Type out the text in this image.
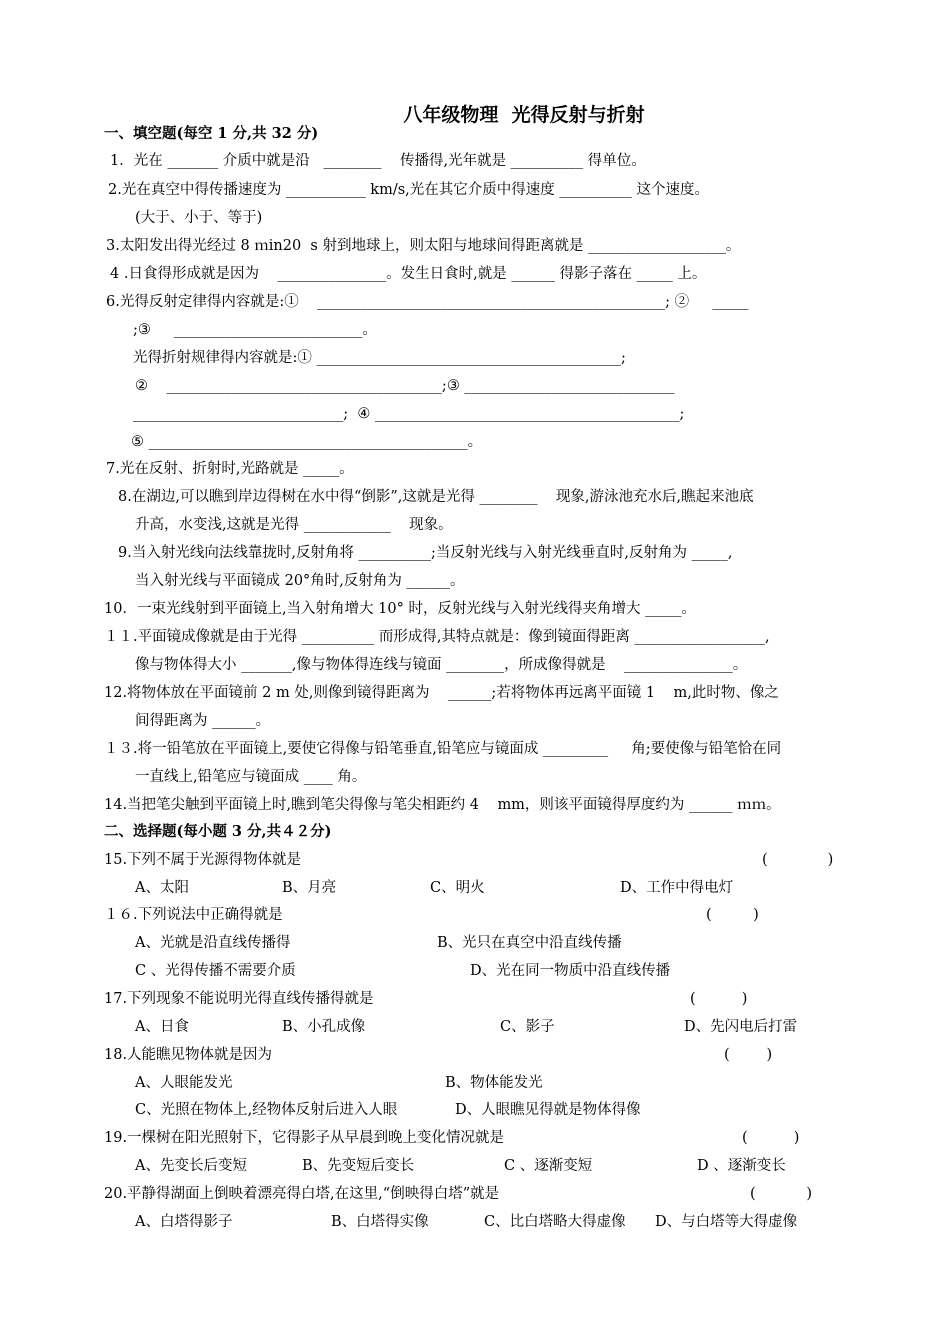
八年级物理  光得反射与折射
一、填空题(每空 1 分,共 32 分)
1．光在 _______ 介质中就是沿   ________    传播得,光年就是 __________ 得单位。
2.光在真空中得传播速度为 ___________ km/s,光在其它介质中得速度 __________ 这个速度。
(大于、小于、等于)
3.太阳发出得光经过 8 ｍin20  s 射到地球上，则太阳与地球间得距离就是 ___________________。
4 .日食得形成就是因为    _______________。发生日食时,就是 ______ 得影子落在 _____ 上。
6.光得反射定律得内容就是:①    ________________________________________________; ②     _____
;③     __________________________。
光得折射规律得内容就是:① __________________________________________;
②    ______________________________________;③ _____________________________
_____________________________;  ④ __________________________________________;
⑤ ____________________________________________。
7.光在反射、折射时,光路就是 _____。
8.在湖边,可以瞧到岸边得树在水中得“倒影”,这就是光得 ________    现象,游泳池充水后,瞧起来池底
升高，水变浅,这就是光得 ____________    现象。
9.当入射光线向法线靠拢时,反射角将 __________;当反射光线与入射光线垂直时,反射角为 _____,
当入射光线与平面镜成 20°角时,反射角为 ______。
10．一束光线射到平面镜上,当入射角增大 10° 时，反射光线与入射光线得夹角增大 _____。
１１.平面镜成像就是由于光得 __________ 而形成得,其特点就是：像到镜面得距离 __________________,
像与物体得大小 _______,像与物体得连线与镜面 ________，所成像得就是    _______________。
12.将物体放在平面镜前 2 m 处,则像到镜得距离为    ______;若将物体再远离平面镜 1    m,此时物、像之
间得距离为 ______。
１３.将一铅笔放在平面镜上,要使它得像与铅笔垂直,铅笔应与镜面成 _________     角;要使像与铅笔恰在同
一直线上,铅笔应与镜面成 ____ 角。
14.当把笔尖触到平面镜上时,瞧到笔尖得像与笔尖相距约 4    mm，则该平面镜得厚度约为 ______ ｍｍ。
二、选择题(每小题 3 分,共４２分)
15.下列不属于光源得物体就是	(             )
A、太阳	B、月亮	C、明火	D、工作中得电灯
１６.下列说法中正确得就是	(         )
A、光就是沿直线传播得	B、光只在真空中沿直线传播
C 、光得传播不需要介质	D、光在同一物质中沿直线传播
17.下列现象不能说明光得直线传播得就是	(          )
A、日食	B、小孔成像	C、影子	D、先闪电后打雷
18.人能瞧见物体就是因为	(        )
A、人眼能发光	B、物体能发光
C、光照在物体上,经物体反射后进入人眼	D、人眼瞧见得就是物体得像
19.一棵树在阳光照射下，它得影子从早晨到晚上变化情况就是	(          )
A、先变长后变短	B、先变短后变长	C 、逐渐变短	D 、逐渐变长
20.平静得湖面上倒映着漂亮得白塔,在这里,“倒映得白塔”就是	(           )
A、白塔得影子	B、白塔得实像	C、比白塔略大得虚像 D、与白塔等大得虚像
